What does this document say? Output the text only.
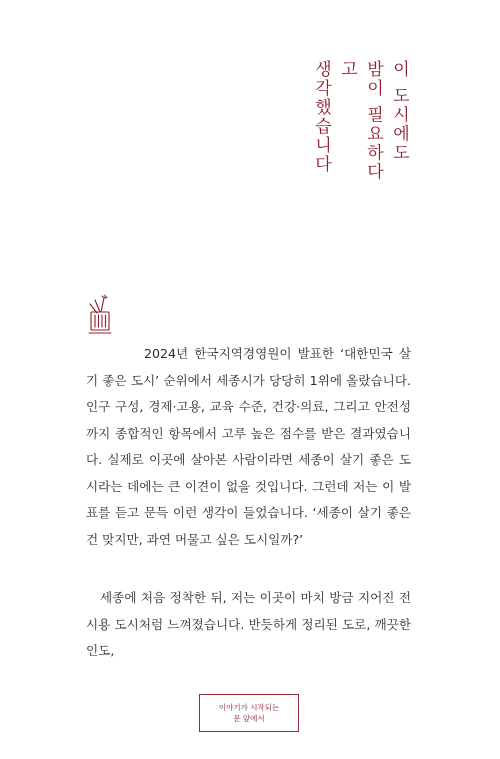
이 도시에도
밤이 필요하다고
생각했습니다

2024년 한국지역경영원이 발표한 ‘대한민국 살기 좋은 도시’ 순위에서 세종시가 당당히 1위에 올랐습니다. 인구 구성, 경제·고용, 교육 수준, 건강·의료, 그리고 안전성까지 종합적인 항목에서 고루 높은 점수를 받은 결과였습니다. 실제로 이곳에 살아본 사람이라면 세종이 살기 좋은 도시라는 데에는 큰 이견이 없을 것입니다. 그런데 저는 이 발표를 듣고 문득 이런 생각이 들었습니다. ‘세종이 살기 좋은 건 맞지만, 과연 머물고 싶은 도시일까?’

세종에 처음 정착한 뒤, 저는 이곳이 마치 방금 지어진 전시용 도시처럼 느껴졌습니다. 반듯하게 정리된 도로, 깨끗한 인도,

이야기가 시작되는
문 앞에서
